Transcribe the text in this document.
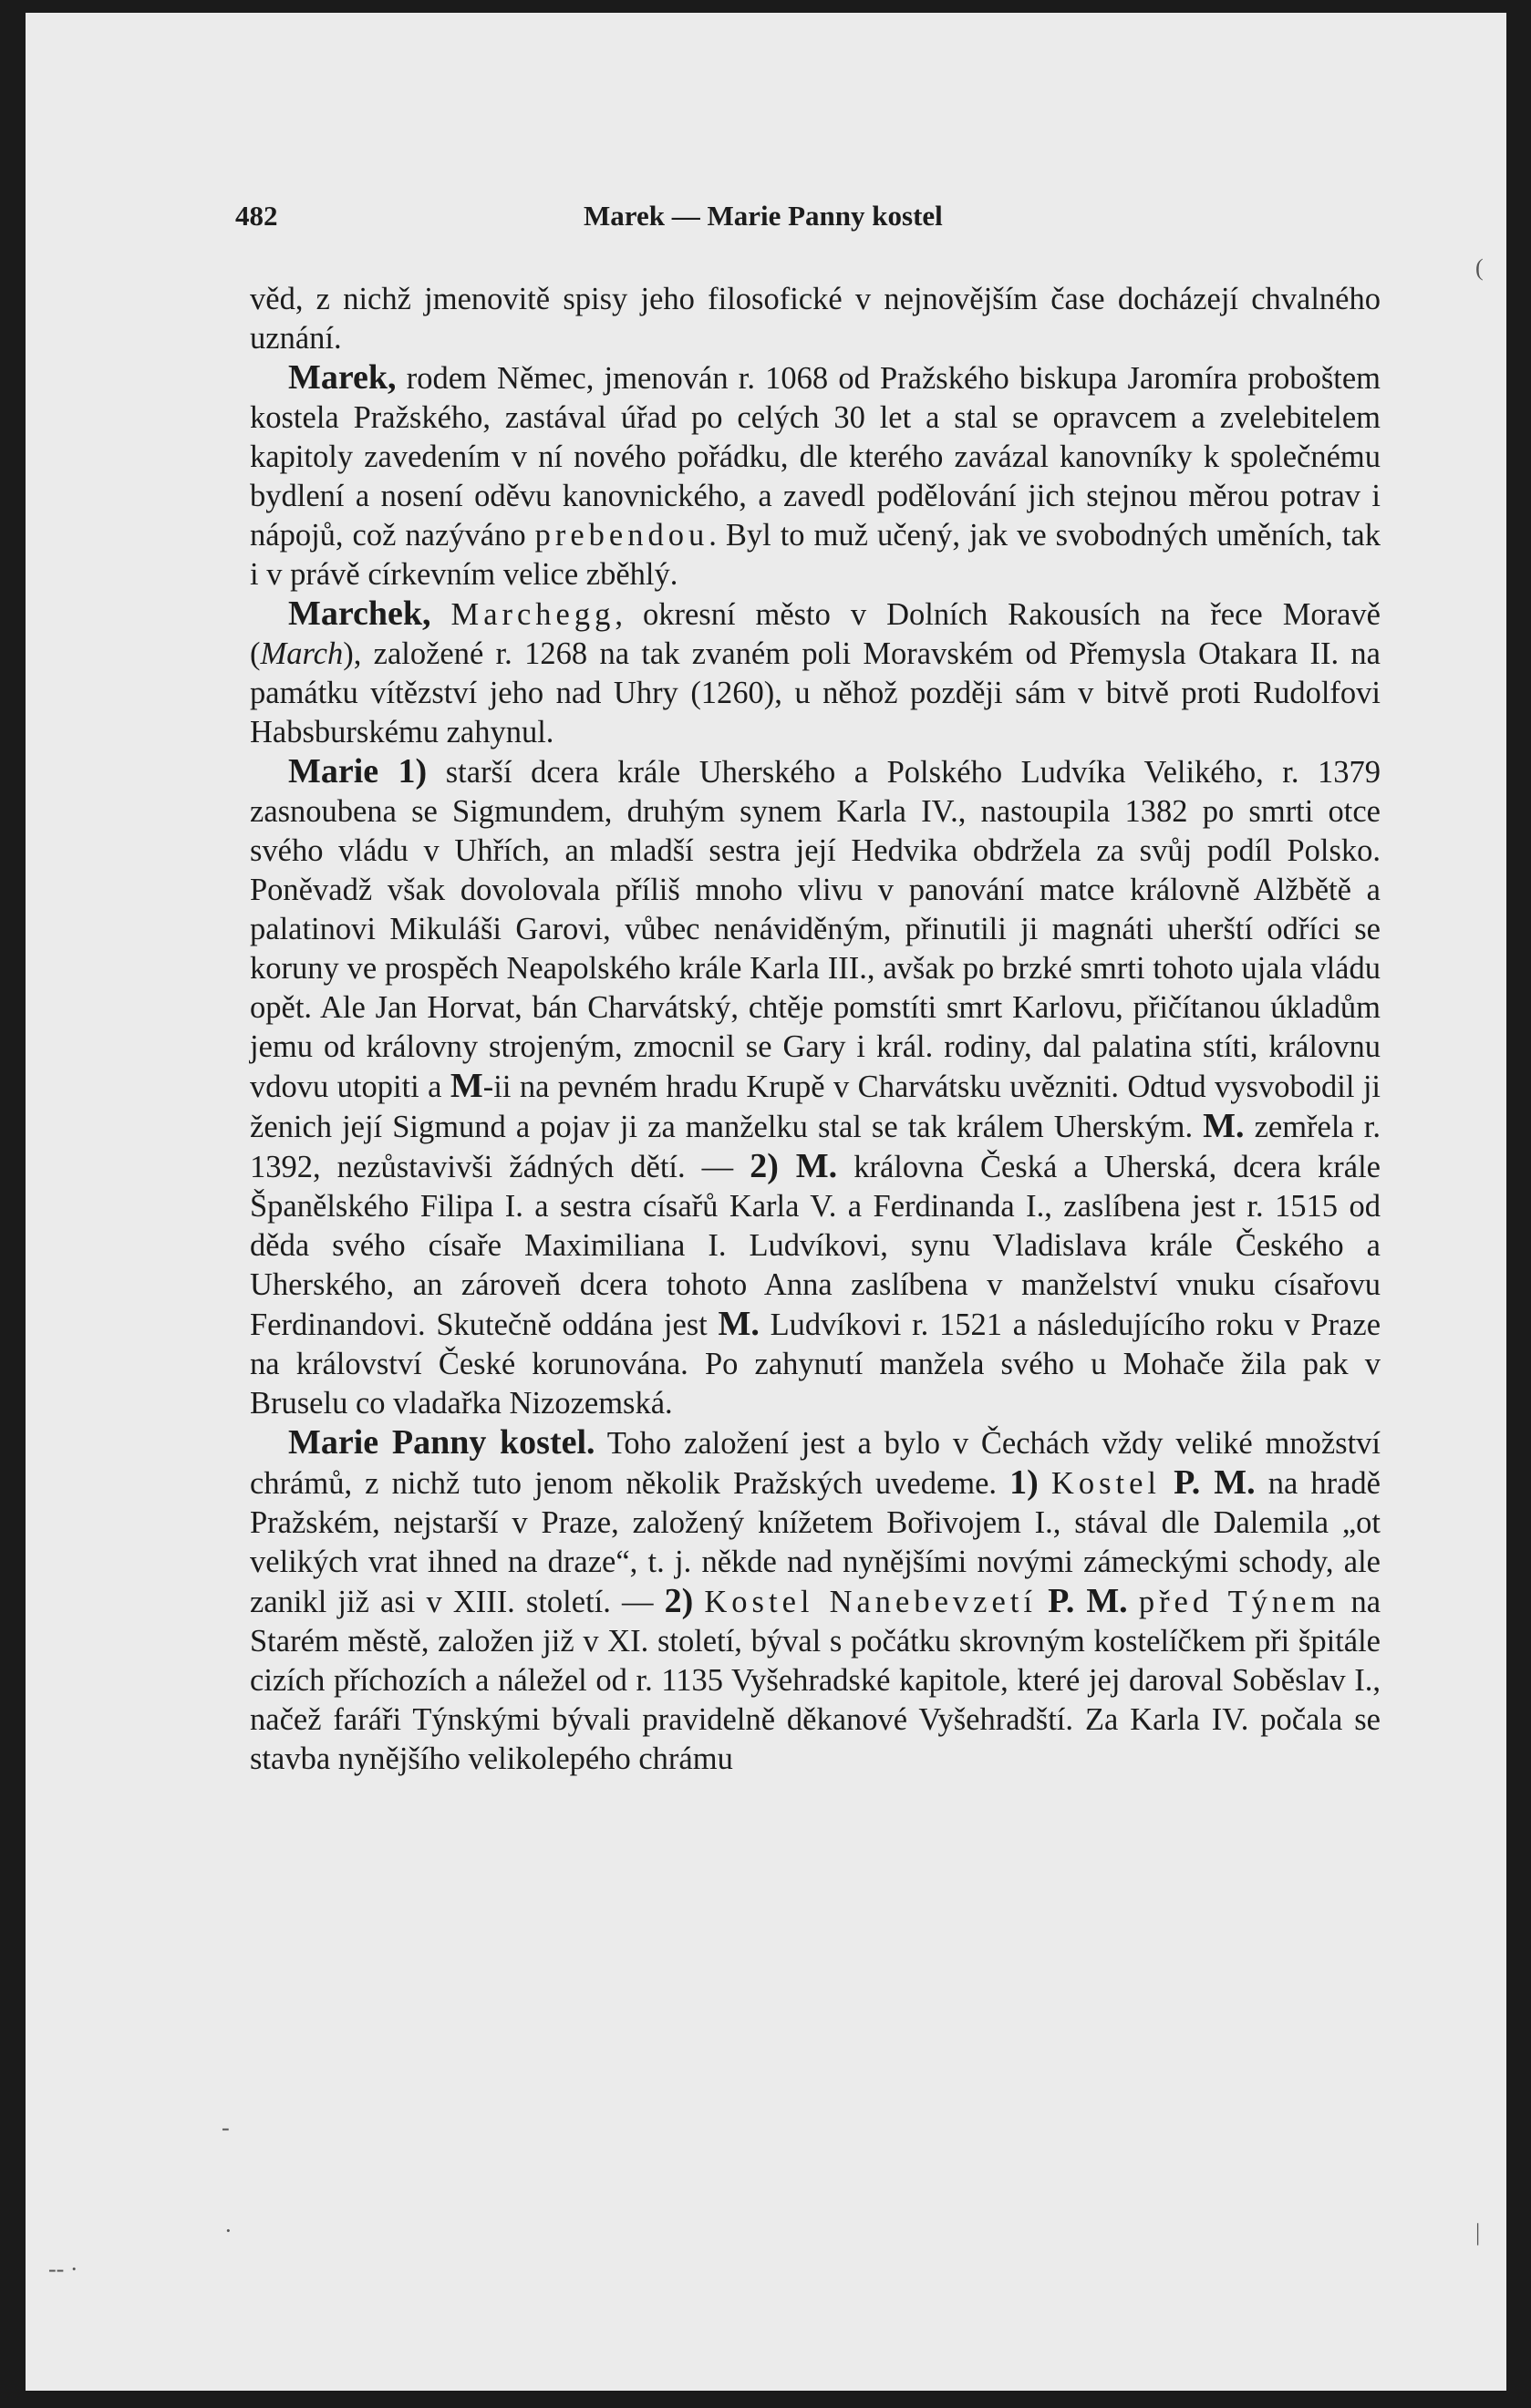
482	Marek — Marie Panny kostel

věd, z nichž jmenovitě spisy jeho filosofické v nejnovějším čase docházejí chvalného uznání.

Marek, rodem Němec, jmenován r. 1068 od Pražského biskupa Jaromíra proboštem kostela Pražského, zastával úřad po celých 30 let a stal se opravcem a zvelebitelem kapitoly zavedením v ní nového pořádku, dle kterého zavázal kanovníky k společnému bydlení a nosení oděvu kanovnického, a zavedl podělování jich stejnou měrou potrav i nápojů, což nazýváno prebendou. Byl to muž učený, jak ve svobodných uměních, tak i v právě církevním velice zběhlý.

Marchek, Marchegg, okresní město v Dolních Rakousích na řece Moravě (March), založené r. 1268 na tak zvaném poli Moravském od Přemysla Otakara II. na památku vítězství jeho nad Uhry (1260), u něhož později sám v bitvě proti Rudolfovi Habsburskému zahynul.

Marie 1) starší dcera krále Uherského a Polského Ludvíka Velikého, r. 1379 zasnoubena se Sigmundem, druhým synem Karla IV., nastoupila 1382 po smrti otce svého vládu v Uhřích, an mladší sestra její Hedvika obdržela za svůj podíl Polsko. Poněvadž však dovolovala příliš mnoho vlivu v panování matce královně Alžbětě a palatinovi Mikuláši Garovi, vůbec nenáviděným, přinutili ji magnáti uherští odříci se koruny ve prospěch Neapolského krále Karla III., avšak po brzké smrti tohoto ujala vládu opět. Ale Jan Horvat, bán Charvátský, chtěje pomstíti smrt Karlovu, přičítanou úkladům jemu od královny strojeným, zmocnil se Gary i král. rodiny, dal palatina stíti, královnu vdovu utopiti a M-ii na pevném hradu Krupě v Charvátsku uvězniti. Odtud vysvobodil ji ženich její Sigmund a pojav ji za manželku stal se tak králem Uherským. M. zemřela r. 1392, nezůstavivši žádných dětí. — 2) M. královna Česká a Uherská, dcera krále Španělského Filipa I. a sestra císařů Karla V. a Ferdinanda I., zaslíbena jest r. 1515 od děda svého císaře Maximiliana I. Ludvíkovi, synu Vladislava krále Českého a Uherského, an zároveň dcera tohoto Anna zaslíbena v manželství vnuku císařovu Ferdinandovi. Skutečně oddána jest M. Ludvíkovi r. 1521 a následujícího roku v Praze na království České korunována. Po zahynutí manžela svého u Mohače žila pak v Bruselu co vladařka Nizozemská.

Marie Panny kostel. Toho založení jest a bylo v Čechách vždy veliké množství chrámů, z nichž tuto jenom několik Pražských uvedeme. 1) Kostel P. M. na hradě Pražském, nejstarší v Praze, založený knížetem Bořivojem I., stával dle Dalemila „ot velikých vrat ihned na draze“, t. j. někde nad nynějšími novými zámeckými schody, ale zanikl již asi v XIII. století. — 2) Kostel Nanebevzetí P. M. před Týnem na Starém městě, založen již v XI. století, býval s počátku skrovným kostelíčkem při špitále cizích příchozích a náležel od r. 1135 Vyšehradské kapitole, které jej daroval Soběslav I., načež faráři Týnskými bývali pravidelně děkanové Vyšehradští. Za Karla IV. počala se stavba nynějšího velikolepého chrámu

(
-
·
-- ·
|
